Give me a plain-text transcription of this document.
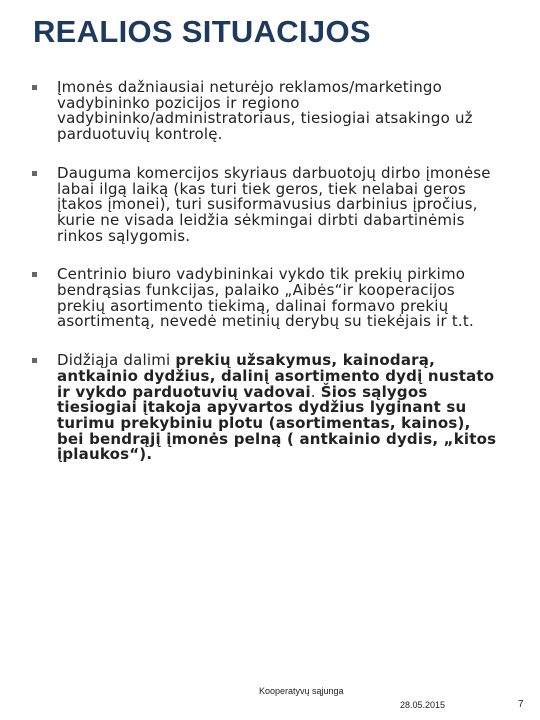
REALIOS SITUACIJOS
Įmonės dažniausiai neturėjo reklamos/marketingo vadybininko pozicijos ir regiono vadybininko/administratoriaus, tiesiogiai atsakingo už parduotuvių kontrolę.
Dauguma komercijos skyriaus darbuotojų dirbo įmonėse labai ilgą laiką (kas turi tiek geros, tiek nelabai geros įtakos įmonei), turi susiformavusius darbinius įpročius, kurie ne visada leidžia sėkmingai dirbti dabartinėmis rinkos sąlygomis.
Centrinio biuro vadybininkai vykdo tik prekių pirkimo bendrąsias funkcijas, palaiko „Aibės“ir kooperacijos prekių asortimento tiekimą, dalinai formavo prekių asortimentą, nevedė metinių derybų su tiekėjais ir t.t.
Didžiąja dalimi prekių užsakymus, kainodarą, antkainio dydžius, dalinį asortimento dydį nustato ir vykdo parduotuvių vadovai. Šios sąlygos tiesiogiai įtakoja apyvartos dydžius lyginant su turimu prekybiniu plotu (asortimentas, kainos), bei bendrąjį įmonės pelną ( antkainio dydis, „kitos įplaukos“).
Kooperatyvų sąjunga
28.05.2015	7
